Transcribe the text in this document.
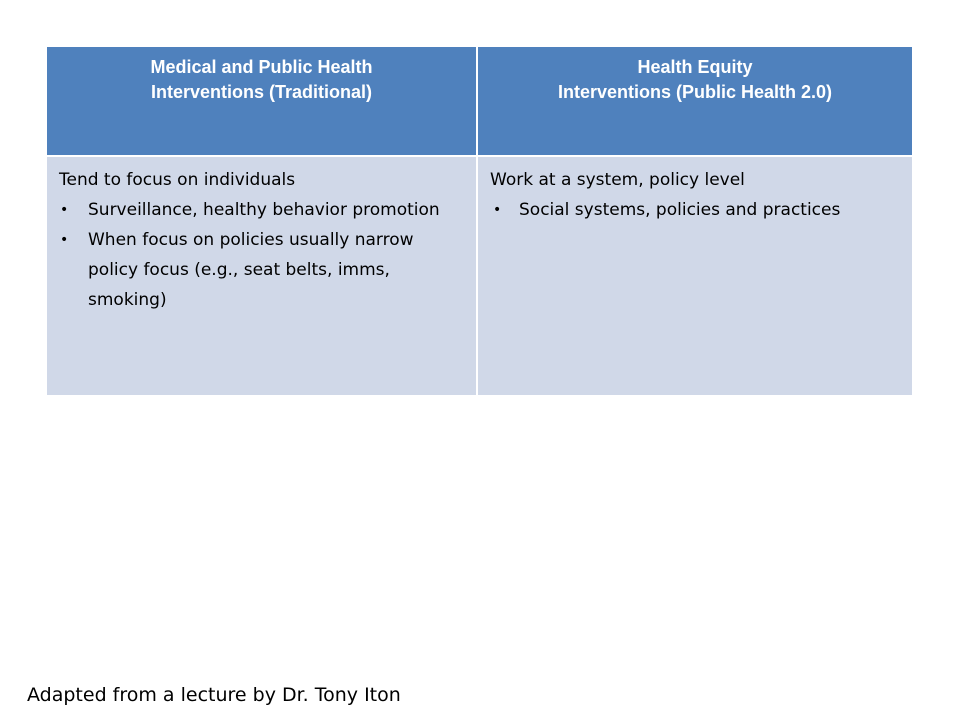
Medical and Public Health
Interventions (Traditional)
Health Equity
Interventions (Public Health 2.0)
Tend to focus on individuals
• Surveillance, healthy behavior promotion
• When focus on policies usually narrow policy focus (e.g., seat belts, imms, smoking)
Work at a system, policy level
• Social systems, policies and practices
Adapted from a lecture by Dr. Tony Iton
